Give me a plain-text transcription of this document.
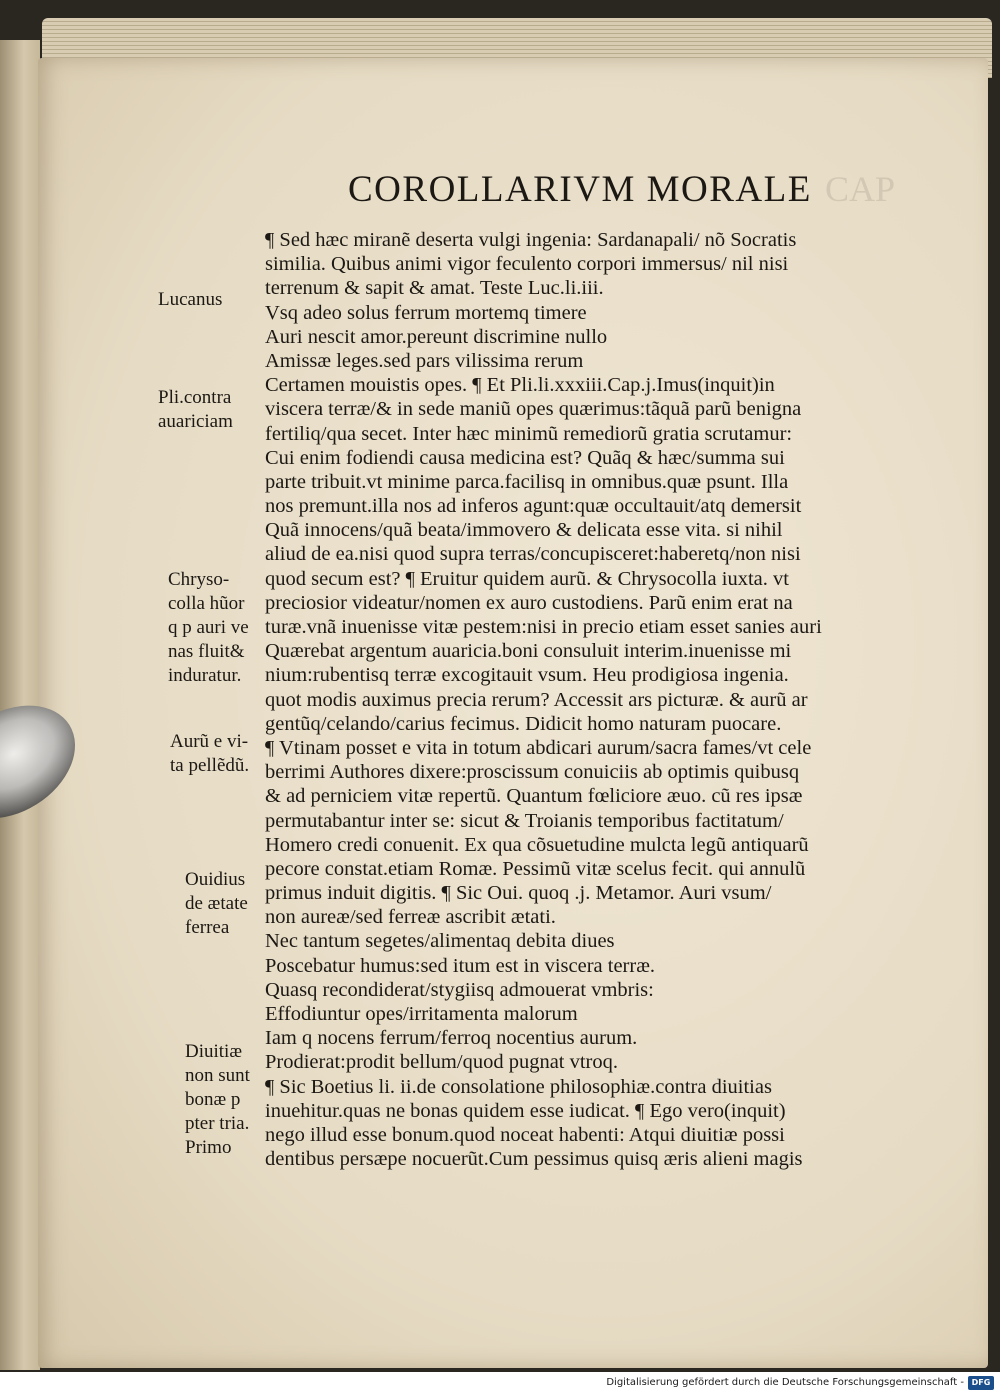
CAP
COROLLARIVM MORALE
¶ Sed hæc miranẽ deserta vulgi ingenia: Sardanapali/ nõ Socratis
similia. Quibus animi vigor feculento corpori immersus/ nil nisi
terrenum & sapit & amat. Teste Luc.li.iii.
Vsq adeo solus ferrum mortemq timere
Auri nescit amor.pereunt discrimine nullo
Amissæ leges.sed pars vilissima rerum
Certamen mouistis opes. ¶ Et Pli.li.xxxiii.Cap.j.Imus(inquit)in
viscera terræ/& in sede maniũ opes quærimus:tãquã parũ benigna
fertiliq/qua secet. Inter hæc minimũ remediorũ gratia scrutamur:
Cui enim fodiendi causa medicina est? Quãq & hæc/summa sui
parte tribuit.vt minime parca.facilisq in omnibus.quæ psunt. Illa
nos premunt.illa nos ad inferos agunt:quæ occultauit/atq demersit
Quã innocens/quã beata/immovero & delicata esse vita. si nihil
aliud de ea.nisi quod supra terras/concupisceret:haberetq/non nisi
quod secum est? ¶ Eruitur quidem aurũ. & Chrysocolla iuxta. vt
preciosior videatur/nomen ex auro custodiens. Parũ enim erat na
turæ.vnã inuenisse vitæ pestem:nisi in precio etiam esset sanies auri
Quærebat argentum auaricia.boni consuluit interim.inuenisse mi
nium:rubentisq terræ excogitauit vsum. Heu prodigiosa ingenia.
quot modis auximus precia rerum? Accessit ars picturæ. & aurũ ar
gentũq/celando/carius fecimus. Didicit homo naturam puocare.
¶ Vtinam posset e vita in totum abdicari aurum/sacra fames/vt cele
berrimi Authores dixere:proscissum conuiciis ab optimis quibusq
& ad perniciem vitæ repertũ. Quantum fœliciore æuo. cũ res ipsæ
permutabantur inter se: sicut & Troianis temporibus factitatum/
Homero credi conuenit. Ex qua cõsuetudine mulcta legũ antiquarũ
pecore constat.etiam Romæ. Pessimũ vitæ scelus fecit. qui annulũ
primus induit digitis. ¶ Sic Oui. quoq .j. Metamor. Auri vsum/
non aureæ/sed ferreæ ascribit ætati.
Nec tantum segetes/alimentaq debita diues
Poscebatur humus:sed itum est in viscera terræ.
Quasq recondiderat/stygiisq admouerat vmbris:
Effodiuntur opes/irritamenta malorum
Iam q nocens ferrum/ferroq nocentius aurum.
Prodierat:prodit bellum/quod pugnat vtroq.
¶ Sic Boetius li. ii.de consolatione philosophiæ.contra diuitias
inuehitur.quas ne bonas quidem esse iudicat. ¶ Ego vero(inquit)
nego illud esse bonum.quod noceat habenti: Atqui diuitiæ possi
dentibus persæpe nocuerũt.Cum pessimus quisq æris alieni magis
Lucanus
Pli.contra
auariciam
Chryso-
colla hũor
q p auri ve
nas fluit&
induratur.
Aurũ e vi-
ta pellẽdũ.
Ouidius
de ætate
ferrea
Diuitiæ
non sunt
bonæ p
pter tria.
Primo
Digitalisierung gefördert durch die Deutsche Forschungsgemeinschaft - DFG
